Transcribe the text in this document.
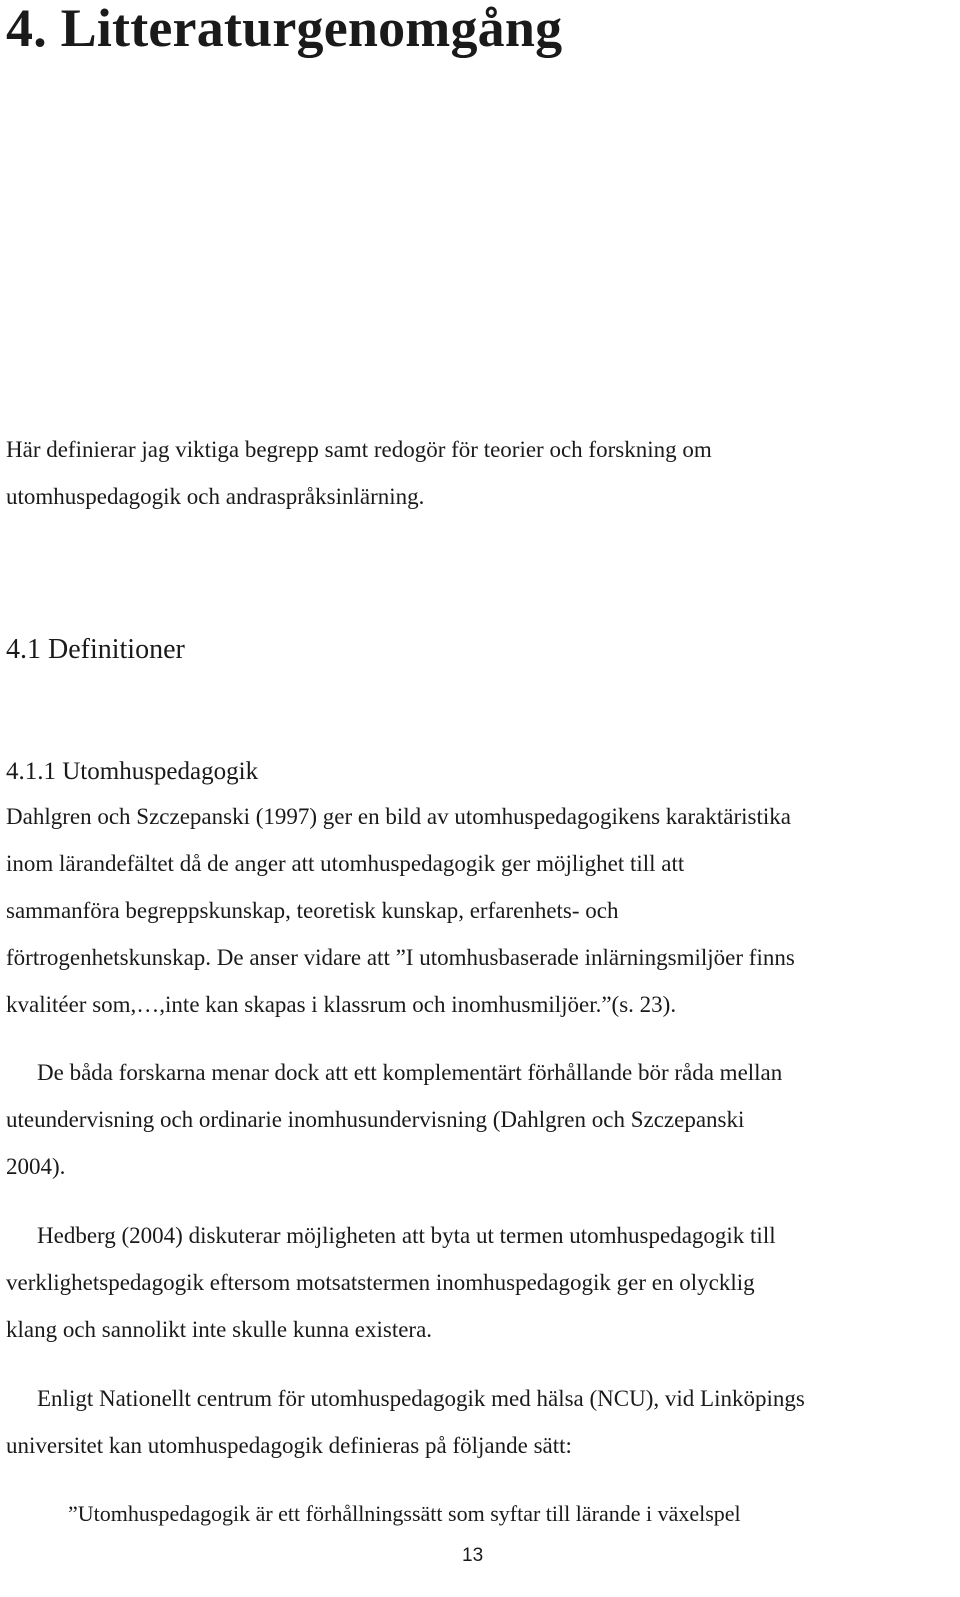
4. Litteraturgenomgång
Här definierar jag viktiga begrepp samt redogör för teorier och forskning om
utomhuspedagogik och andraspråksinlärning.
4.1 Definitioner
4.1.1 Utomhuspedagogik
Dahlgren och Szczepanski (1997) ger en bild av utomhuspedagogikens karaktäristika
inom lärandefältet då de anger att utomhuspedagogik ger möjlighet till att
sammanföra begreppskunskap, teoretisk kunskap, erfarenhets- och
förtrogenhetskunskap. De anser vidare att ”I utomhusbaserade inlärningsmiljöer finns
kvalitéer som,…,inte kan skapas i klassrum och inomhusmiljöer.”(s. 23).
De båda forskarna menar dock att ett komplementärt förhållande bör råda mellan
uteundervisning och ordinarie inomhusundervisning (Dahlgren och Szczepanski
2004).
Hedberg (2004) diskuterar möjligheten att byta ut termen utomhuspedagogik till
verklighetspedagogik eftersom motsatstermen inomhuspedagogik ger en olycklig
klang och sannolikt inte skulle kunna existera.
Enligt Nationellt centrum för utomhuspedagogik med hälsa (NCU), vid Linköpings
universitet kan utomhuspedagogik definieras på följande sätt:
”Utomhuspedagogik är ett förhållningssätt som syftar till lärande i växelspel
13
